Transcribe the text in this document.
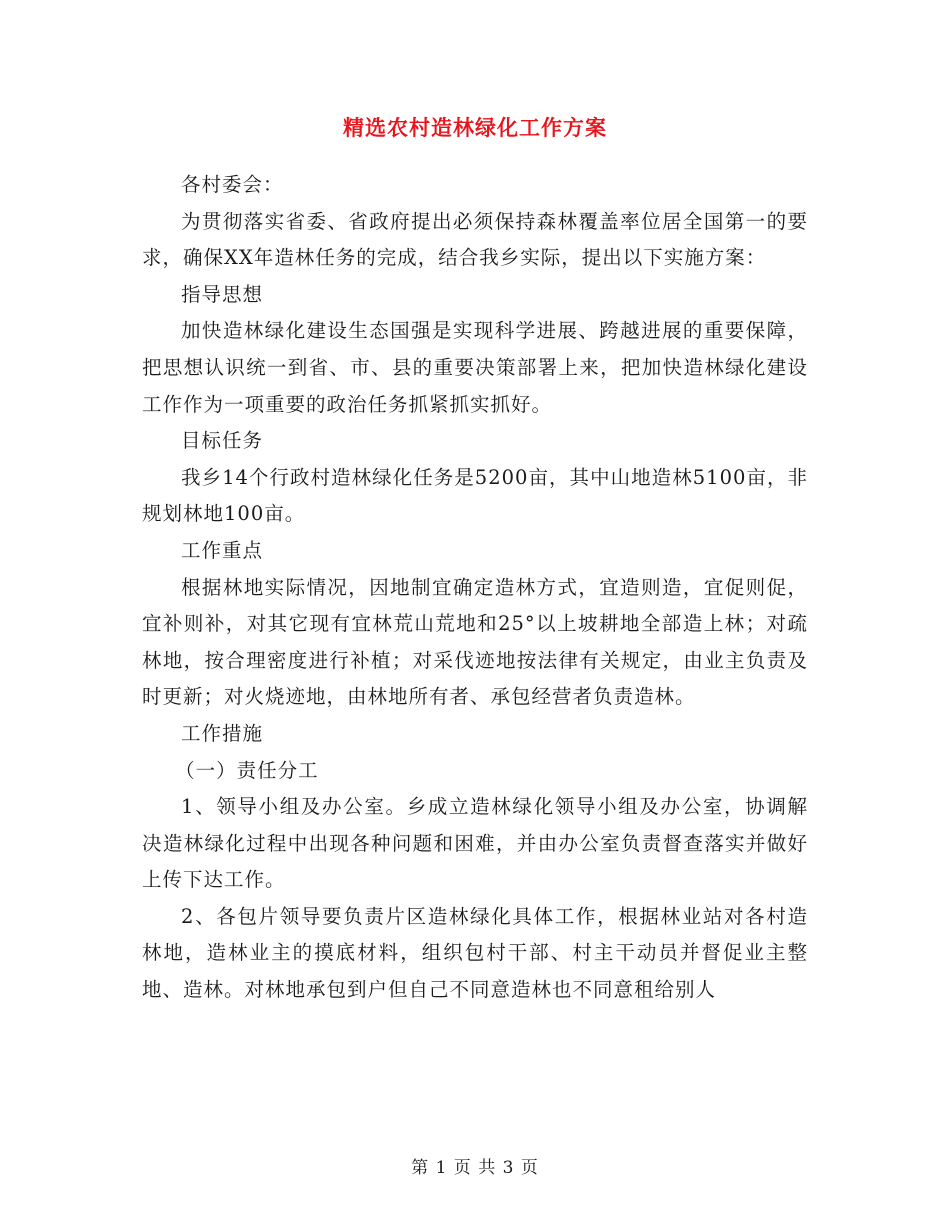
精选农村造林绿化工作方案

各村委会：

为贯彻落实省委、省政府提出必须保持森林覆盖率位居全国第一的要求，确保XX年造林任务的完成，结合我乡实际，提出以下实施方案：

指导思想

加快造林绿化建设生态国强是实现科学进展、跨越进展的重要保障，把思想认识统一到省、市、县的重要决策部署上来，把加快造林绿化建设工作作为一项重要的政治任务抓紧抓实抓好。

目标任务

我乡14个行政村造林绿化任务是5200亩，其中山地造林5100亩，非规划林地100亩。

工作重点

根据林地实际情况，因地制宜确定造林方式，宜造则造，宜促则促，宜补则补，对其它现有宜林荒山荒地和25°以上坡耕地全部造上林；对疏林地，按合理密度进行补植；对采伐迹地按法律有关规定，由业主负责及时更新；对火烧迹地，由林地所有者、承包经营者负责造林。

工作措施

（一）责任分工

1、领导小组及办公室。乡成立造林绿化领导小组及办公室，协调解决造林绿化过程中出现各种问题和困难，并由办公室负责督查落实并做好上传下达工作。

2、各包片领导要负责片区造林绿化具体工作，根据林业站对各村造林地，造林业主的摸底材料，组织包村干部、村主干动员并督促业主整地、造林。对林地承包到户但自己不同意造林也不同意租给别人

第 1 页 共 3 页
